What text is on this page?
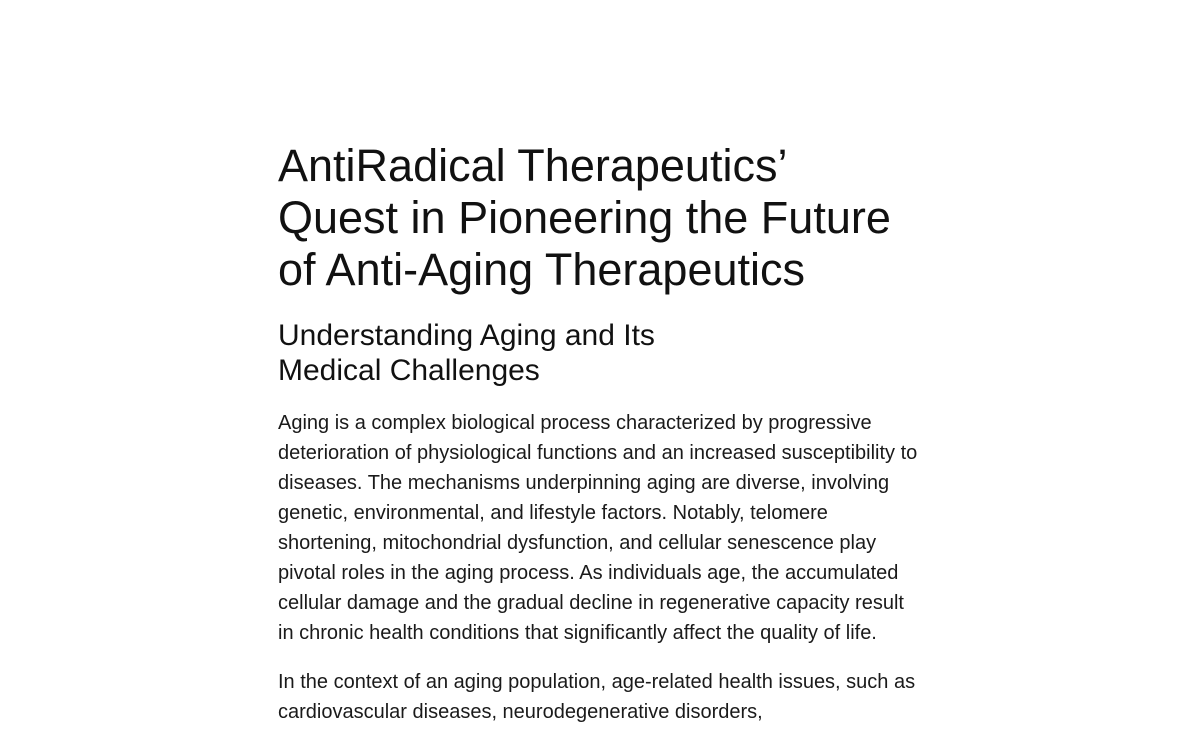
AntiRadical Therapeutics’
Quest in Pioneering the Future
of Anti-Aging Therapeutics
Understanding Aging and Its
Medical Challenges

Aging is a complex biological process characterized by progressive deterioration of physiological functions and an increased susceptibility to diseases. The mechanisms underpinning aging are diverse, involving genetic, environmental, and lifestyle factors. Notably, telomere shortening, mitochondrial dysfunction, and cellular senescence play pivotal roles in the aging process. As individuals age, the accumulated cellular damage and the gradual decline in regenerative capacity result in chronic health conditions that significantly affect the quality of life.

In the context of an aging population, age-related health issues, such as cardiovascular diseases, neurodegenerative disorders,
